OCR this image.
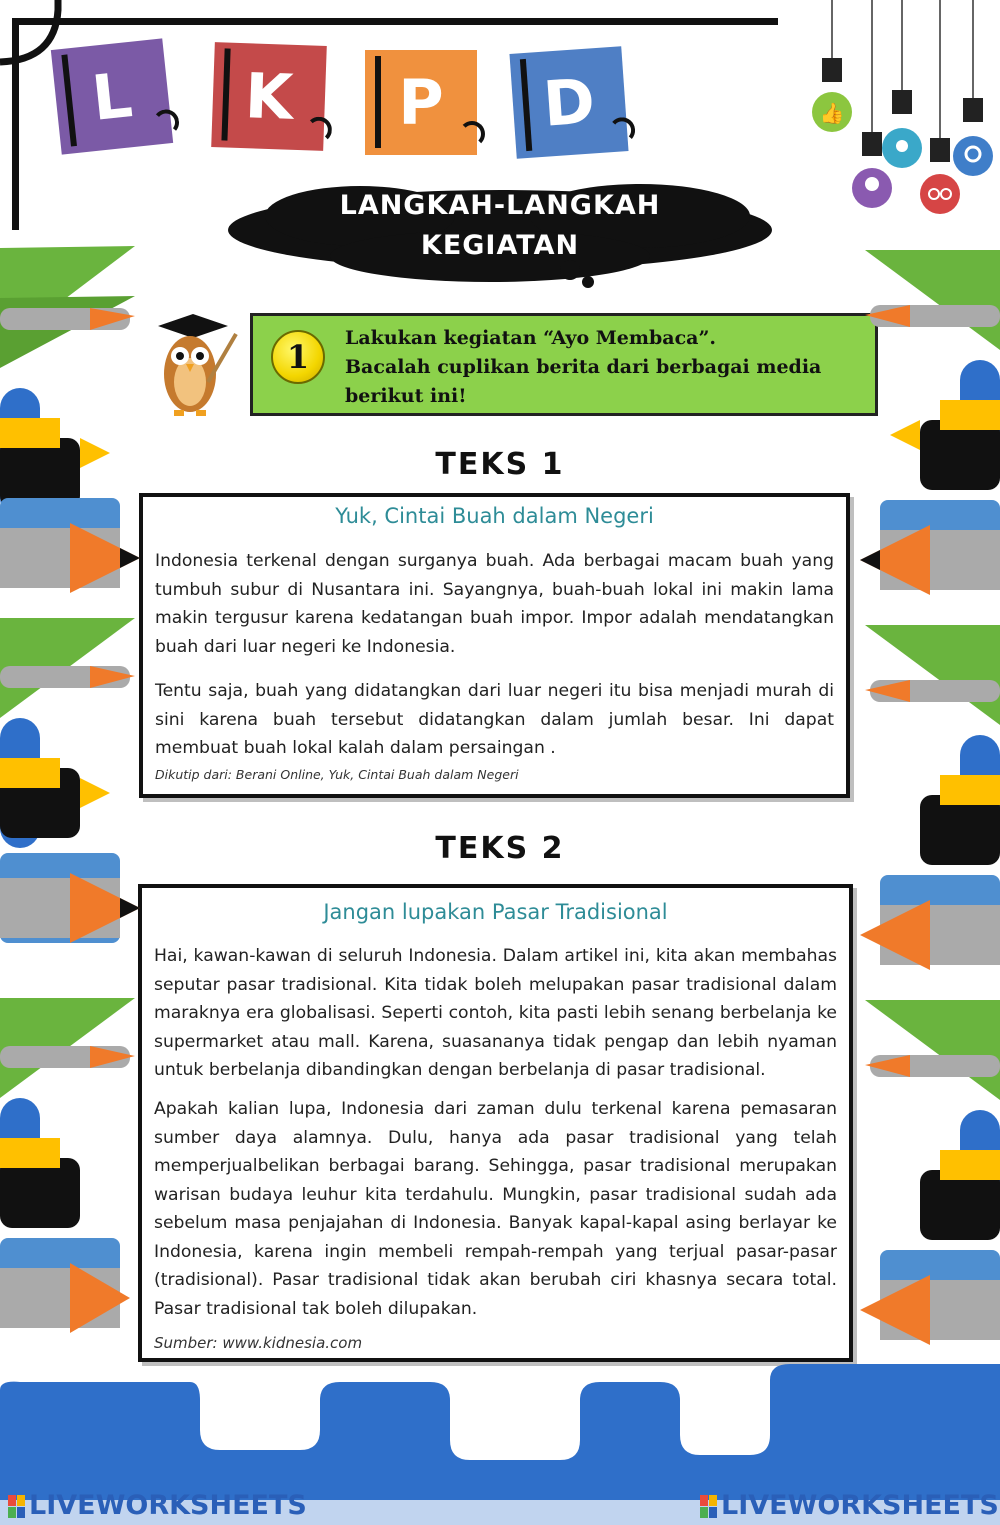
L K P D	👍
LANGKAH-LANGKAH
KEGIATAN
1	Lakukan kegiatan “Ayo Membaca”.
Bacalah cuplikan berita dari berbagai media
berikut ini!
TEKS 1
Yuk, Cintai Buah dalam Negeri
Indonesia terkenal dengan surganya buah. Ada berbagai macam buah yang tumbuh subur di Nusantara ini. Sayangnya, buah-buah lokal ini makin lama makin tergusur karena kedatangan buah impor. Impor adalah mendatangkan buah dari luar negeri ke Indonesia.
Tentu saja, buah yang didatangkan dari luar negeri itu bisa menjadi murah di sini karena buah tersebut didatangkan dalam jumlah besar. Ini dapat membuat buah lokal kalah dalam persaingan .
Dikutip dari: Berani Online, Yuk, Cintai Buah dalam Negeri
TEKS 2
Jangan lupakan Pasar Tradisional
Hai, kawan-kawan di seluruh Indonesia. Dalam artikel ini, kita akan membahas seputar pasar tradisional. Kita tidak boleh melupakan pasar tradisional dalam maraknya era globalisasi. Seperti contoh, kita pasti lebih senang berbelanja ke supermarket atau mall. Karena, suasananya tidak pengap dan lebih nyaman untuk berbelanja dibandingkan dengan berbelanja di pasar tradisional.
Apakah kalian lupa, Indonesia dari zaman dulu terkenal karena pemasaran sumber daya alamnya. Dulu, hanya ada pasar tradisional yang telah memperjualbelikan berbagai barang. Sehingga, pasar tradisional merupakan warisan budaya leuhur kita terdahulu. Mungkin, pasar tradisional sudah ada sebelum masa penjajahan di Indonesia. Banyak kapal-kapal asing berlayar ke Indonesia, karena ingin membeli rempah-rempah yang terjual pasar-pasar (tradisional). Pasar tradisional tidak akan berubah ciri khasnya secara total. Pasar tradisional tak boleh dilupakan.
Sumber: www.kidnesia.com
LIVEWORKSHEETS	LIVEWORKSHEETS
